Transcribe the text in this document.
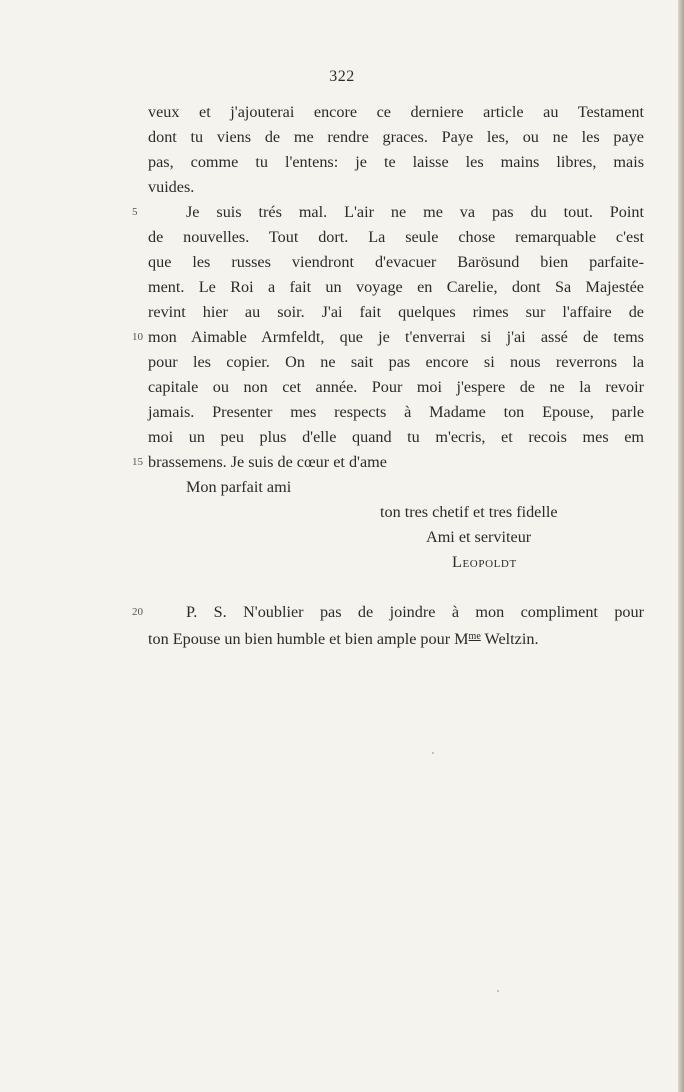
322
veux et j'ajouterai encore ce derniere article au Testament
dont tu viens de me rendre graces. Paye les, ou ne les paye
pas, comme tu l'entens: je te laisse les mains libres, mais
vuides.
5	Je suis trés mal. L'air ne me va pas du tout. Point
de nouvelles. Tout dort. La seule chose remarquable c'est
que les russes viendront d'evacuer Barösund bien parfaite-
ment. Le Roi a fait un voyage en Carelie, dont Sa Majestée
revint hier au soir. J'ai fait quelques rimes sur l'affaire de
10 mon Aimable Armfeldt, que je t'enverrai si j'ai assé de tems
pour les copier. On ne sait pas encore si nous reverrons la
capitale ou non cet année. Pour moi j'espere de ne la revoir
jamais. Presenter mes respects à Madame ton Epouse, parle
moi un peu plus d'elle quand tu m'ecris, et recois mes em
15 brassemens. Je suis de cœur et d'ame
Mon parfait ami
ton tres chetif et tres fidelle
Ami et serviteur
Leopoldt
20	P. S. N'oublier pas de joindre à mon compliment pour
ton Epouse un bien humble et bien ample pour $M^{me}$ Weltzin.
